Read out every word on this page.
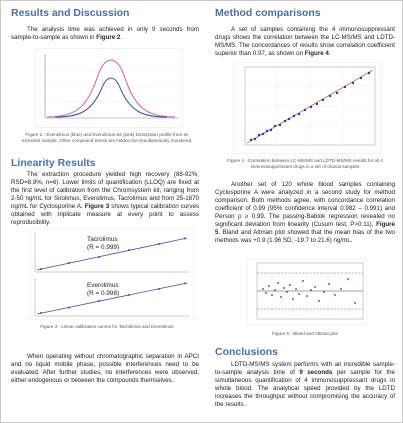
Results and Discussion

The analysis time was achieved in only 9 seconds from sample-to-sample as shown in Figure 2.

Figure 2 - Everolimus (blue) and Everolimus-d4 (pink) Desorption profile from an extracted sample. Other compound traces are hidden but simultaneously monitored.

Linearity Results

The extraction procedure yielded high recovery (88-92%; RSD=8.9%, n=6). Lower limits of quantification (LLOQ) are fixed at the first level of calibration from the Chromsystem kit, ranging from 2-50 ng/mL for Sirolimus, Everolimus, Tacrolimus and from 25-1870 ng/mL for Cyclosporine A. Figure 3 shows typical calibration curves obtained with triplicate measure at every point to assess reproducibility.

Tacrolimus
(R = 0.999)
Everolimus
(R = 0.998)

Figure 3 - Linear calibration curves for Tacrolimus and Everolimus

When operating without chromatographic separation in APCI and no liquid mobile phase, possible interferences need to be evaluated. After further studies, no interferences were observed, either endogenous or between the compounds themselves.

Method comparisons

A set of samples containing the 4 immunosuppressant drugs shows the correlation between the LC-MS/MS and LDTD-MS/MS. The concordances of results show correlation coefficient superior than 0.97, as shown on Figure 4.

Figure 4 - Correlation between LC-MS/MS and LDTD-MS/MS results for all 4 immunosuppressant drugs in a set of clinical samples

Another set of 120 whole blood samples containing Cyclosporine A were analyzed in a second study for method comparison. Both methods agree, with concordance correlation coefficient of 0.99 (95% confidence interval 0.982 – 0.991) and Person ρ ≥ 0.99. The passing-Bablok regression revealed no significant deviation from linearity (Cusum test, P>0.11), Figure 5. Bland and Altman plot showed that the mean bias of the two methods was +0.9 (1.96 SD, -19.7 to 21.6) ng/mL.

Figure 5 - Bland and Altman plot

Conclusions

LDTD-MS/MS system performs with an incredible sample-to-sample analysis time of 9 seconds per sample for the simultaneous quantification of 4 immunosuppressant drugs in whole blood. The analytical speed provided by the LDTD increases the throughput without compromising the accuracy of the results.
